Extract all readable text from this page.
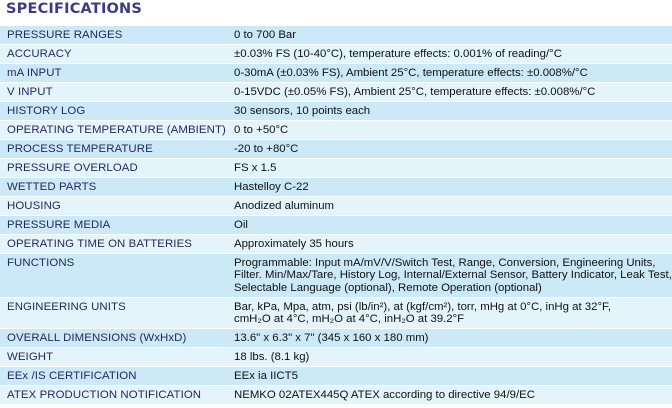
SPECIFICATIONS
PRESSURE RANGES	0 to 700 Bar
ACCURACY	±0.03% FS (10-40°C), temperature effects: 0.001% of reading/°C
mA INPUT	0-30mA (±0.03% FS), Ambient 25°C, temperature effects: ±0.008%/°C
V INPUT	0-15VDC (±0.05% FS), Ambient 25°C, temperature effects: ±0.008%/°C
HISTORY LOG	30 sensors, 10 points each
OPERATING TEMPERATURE (AMBIENT)	0 to +50°C
PROCESS TEMPERATURE	-20 to +80°C
PRESSURE OVERLOAD	FS x 1.5
WETTED PARTS	Hastelloy C-22
HOUSING	Anodized aluminum
PRESSURE MEDIA	Oil
OPERATING TIME ON BATTERIES	Approximately 35 hours
FUNCTIONS	Programmable: Input mA/mV/V/Switch Test, Range, Conversion, Engineering Units, Filter. Min/Max/Tare, History Log, Internal/External Sensor, Battery Indicator, Leak Test, Selectable Language (optional), Remote Operation (optional)
ENGINEERING UNITS	Bar, kPa, Mpa, atm, psi (lb/in²), at (kgf/cm²), torr, mHg at 0°C, inHg at 32°F,
cmH₂O at 4°C, mH₂O at 4°C, inH₂O at 39.2°F

OVERALL DIMENSIONS (WxHxD)	13.6" x 6.3" x 7" (345 x 160 x 180 mm)
WEIGHT	18 lbs. (8.1 kg)
EEx /IS CERTIFICATION	EEx ia IICT5
ATEX PRODUCTION NOTIFICATION	NEMKO 02ATEX445Q ATEX according to directive 94/9/EC
